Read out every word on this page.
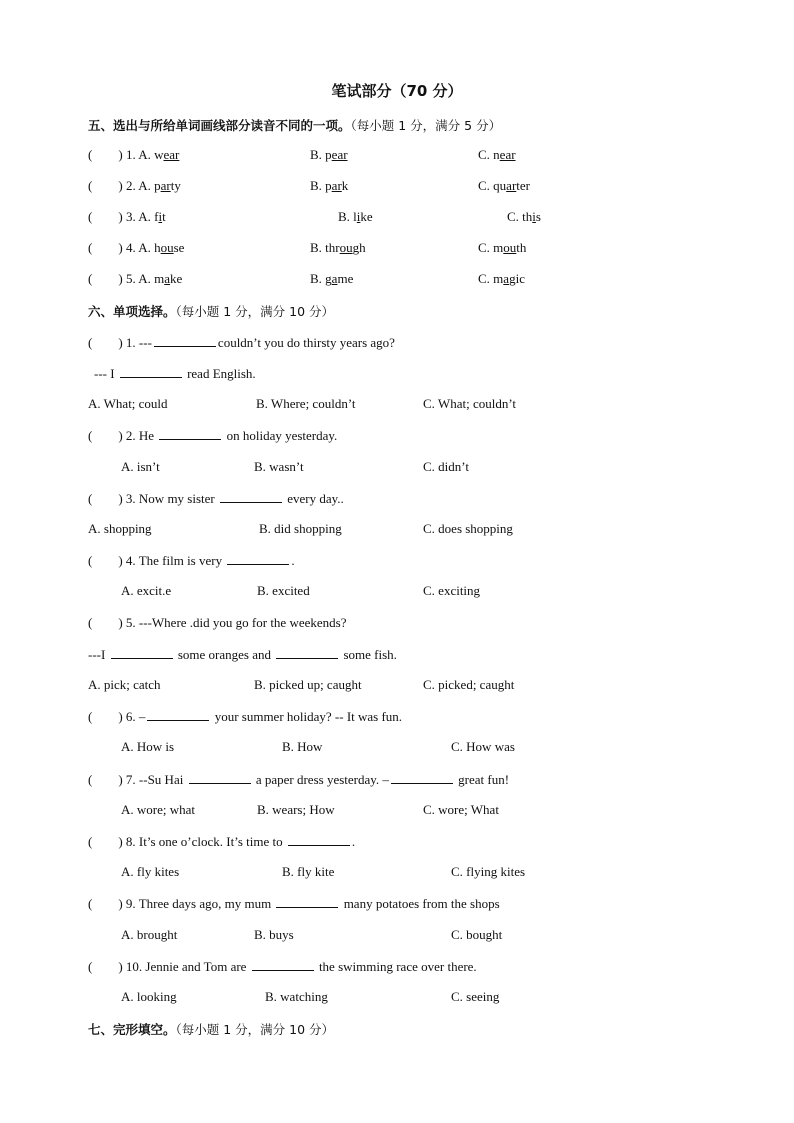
笔试部分（70 分）
五、选出与所给单词画线部分读音不同的一项。（每小题 1 分，满分 5 分）
( ) 1. A. wear	B. pear	C. near
( ) 2. A. party	B. park	C. quarter
( ) 3. A. fit	B. like	C. this
( ) 4. A. house	B. through	C. mouth
( ) 5. A. make	B. game	C. magic
六、单项选择。（每小题 1 分，满分 10 分）
( ) 1. ---	couldn’t you do thirsty years ago?
--- I	read English.
A. What; could	B. Where; couldn’t	C. What; couldn’t
( ) 2. He	on holiday yesterday.
A. isn’t	B. wasn’t	C. didn’t
( ) 3. Now my sister	every day..
A. shopping	B. did shopping	C. does shopping
( ) 4. The film is very	.
A. excit.e	B. excited	C. exciting
( ) 5. ---Where .did you go for the weekends?
---I	some oranges and	some fish.
A. pick; catch	B. picked up; caught	C. picked; caught
( ) 6. –	your summer holiday? -- It was fun.
A. How is	B. How	C. How was
( ) 7. --Su Hai	a paper dress yesterday. –	great fun!
A. wore; what	B. wears; How	C. wore; What
( ) 8. It’s one o’clock. It’s time to	.
A. fly kites	B. fly kite	C. flying kites
( ) 9. Three days ago, my mum	many potatoes from the shops
A. brought	B. buys	C. bought
( ) 10. Jennie and Tom are	the swimming race over there.
A. looking	B. watching	C. seeing
七、完形填空。（每小题 1 分，满分 10 分）
